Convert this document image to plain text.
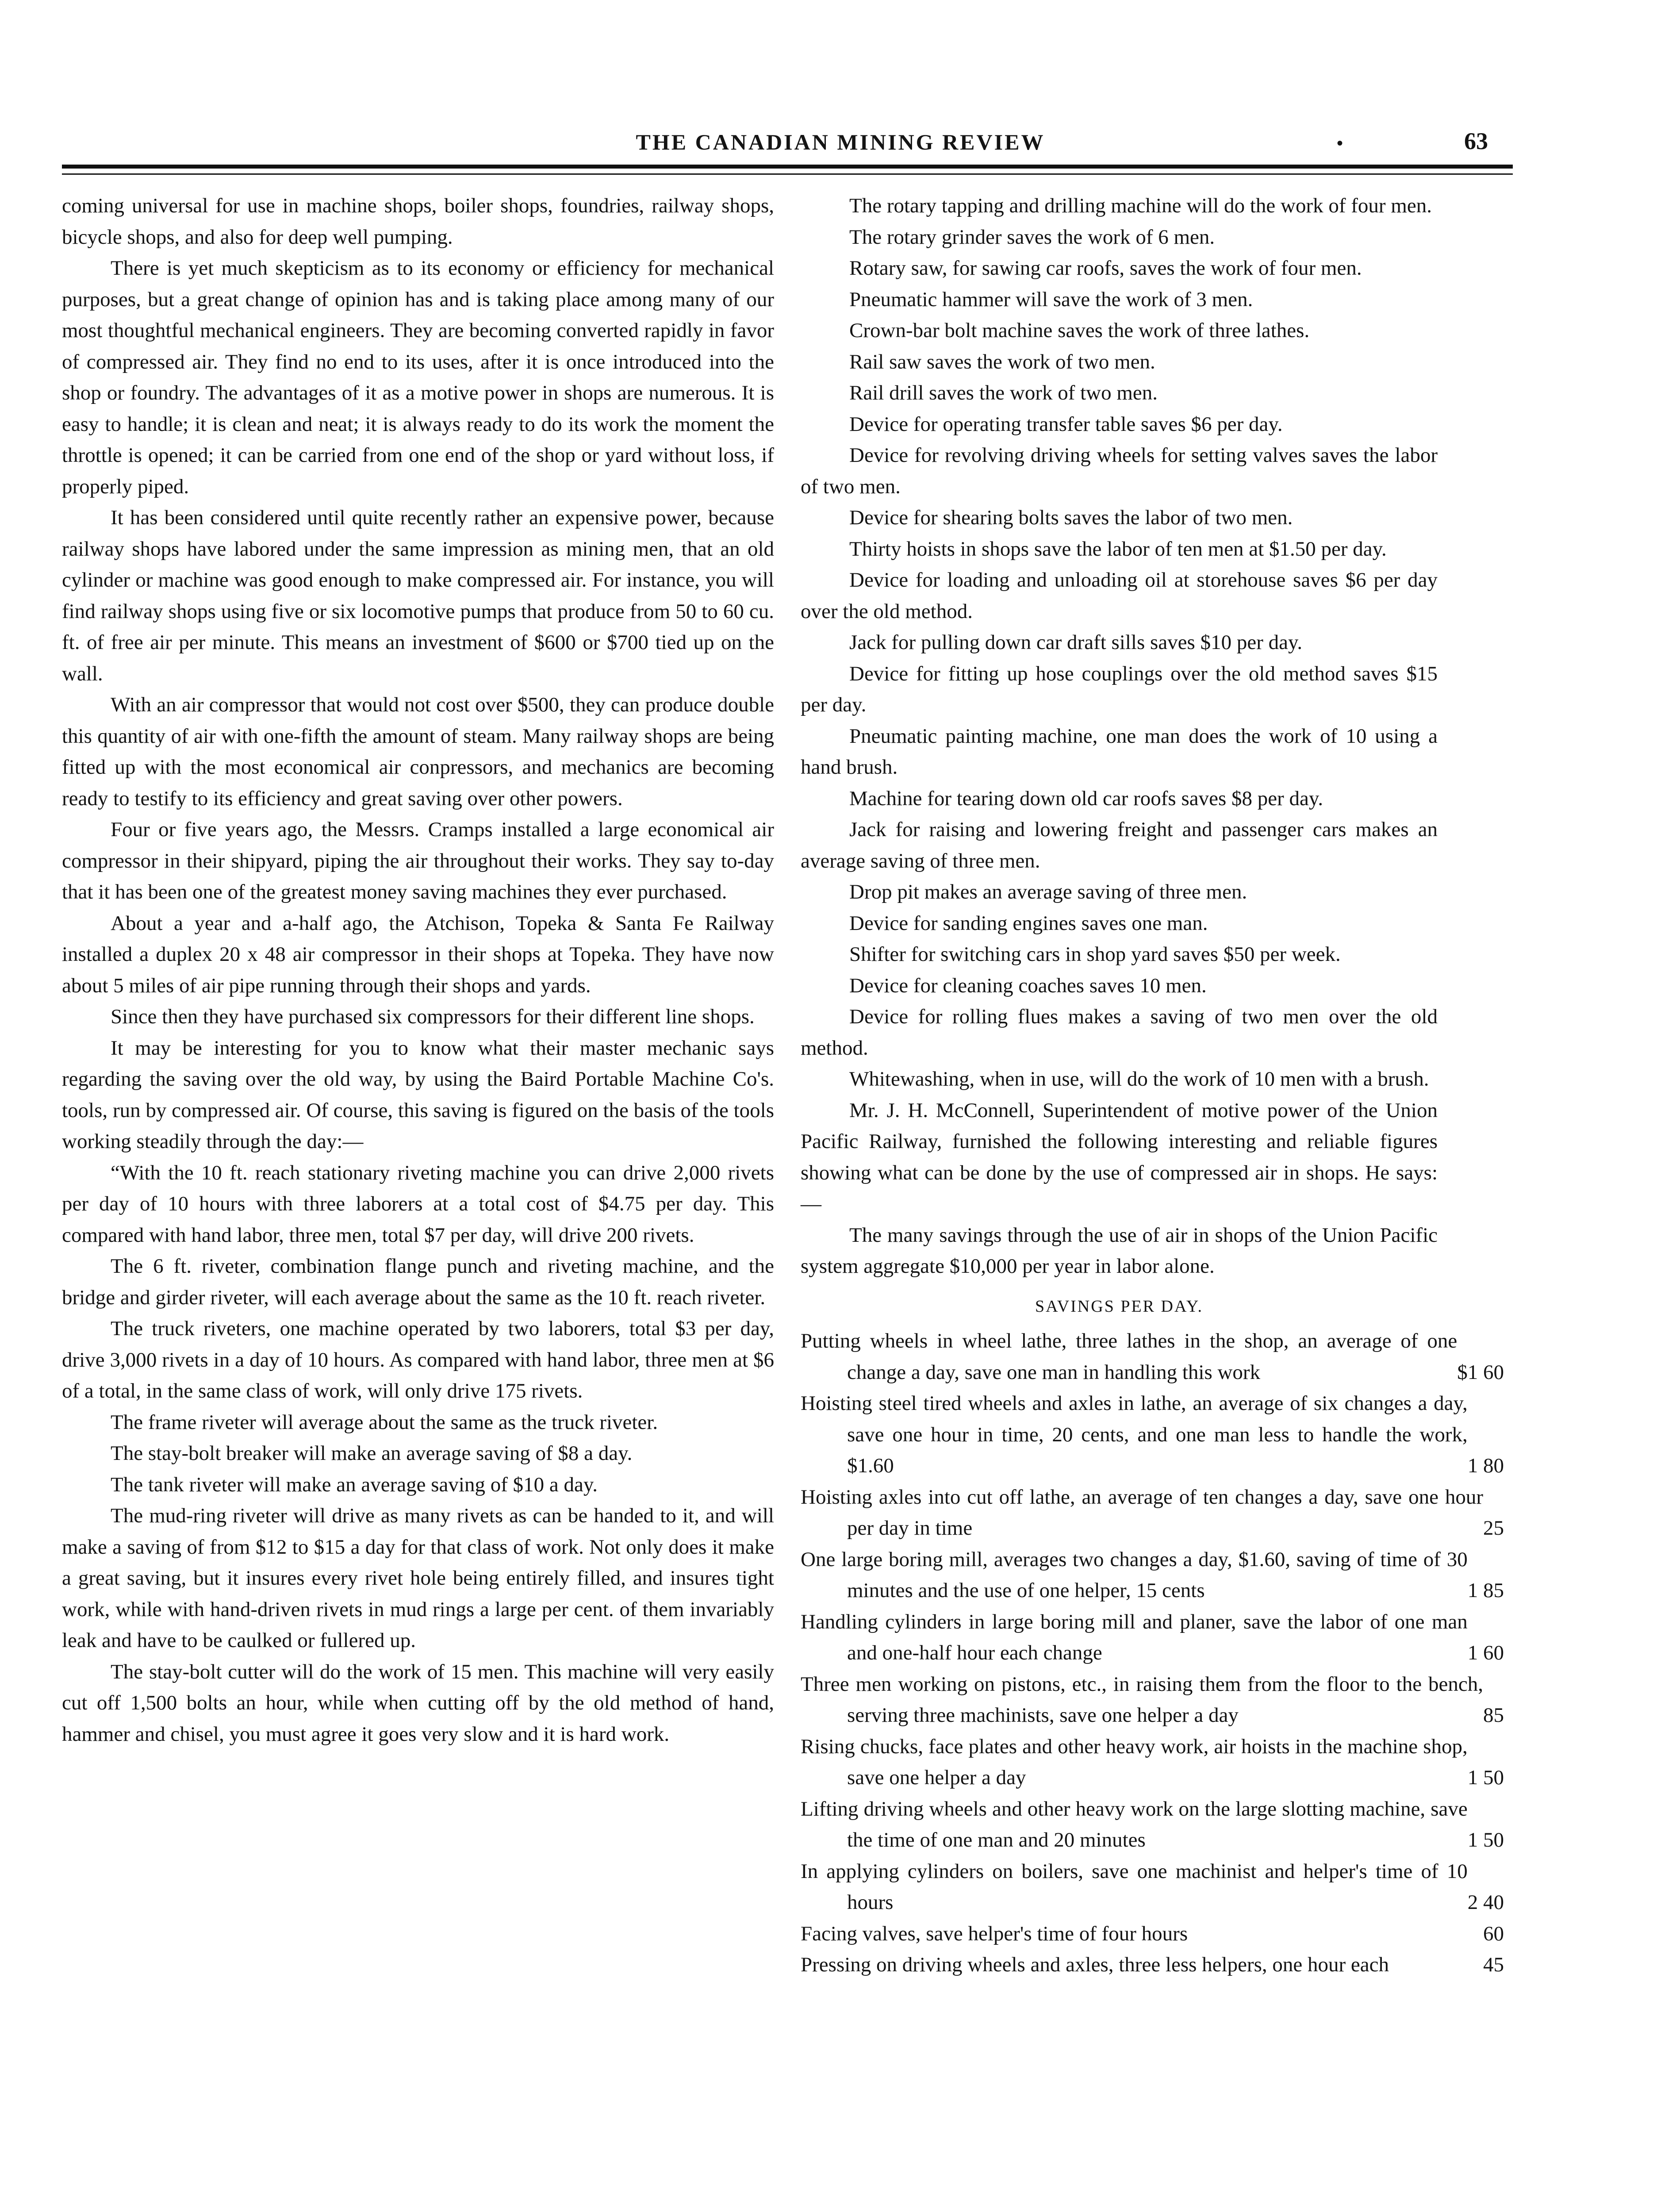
THE CANADIAN MINING REVIEW	•	63

coming universal for use in machine shops, boiler shops, foundries, railway shops, bicycle shops, and also for deep well pumping.

There is yet much skepticism as to its economy or efficiency for mechanical purposes, but a great change of opinion has and is taking place among many of our most thoughtful mechanical engineers. They are becoming converted rapidly in favor of compressed air. They find no end to its uses, after it is once introduced into the shop or foundry. The advantages of it as a motive power in shops are numerous. It is easy to handle; it is clean and neat; it is always ready to do its work the moment the throttle is opened; it can be carried from one end of the shop or yard without loss, if properly piped.

It has been considered until quite recently rather an expensive power, because railway shops have labored under the same impression as mining men, that an old cylinder or machine was good enough to make compressed air. For instance, you will find railway shops using five or six locomotive pumps that produce from 50 to 60 cu. ft. of free air per minute. This means an investment of $600 or $700 tied up on the wall.

With an air compressor that would not cost over $500, they can produce double this quantity of air with one-fifth the amount of steam. Many railway shops are being fitted up with the most economical air conpressors, and mechanics are becoming ready to testify to its efficiency and great saving over other powers.

Four or five years ago, the Messrs. Cramps installed a large economical air compressor in their shipyard, piping the air throughout their works. They say to-day that it has been one of the greatest money saving machines they ever purchased.

About a year and a-half ago, the Atchison, Topeka & Santa Fe Railway installed a duplex 20 x 48 air compressor in their shops at Topeka. They have now about 5 miles of air pipe running through their shops and yards.

Since then they have purchased six compressors for their different line shops.

It may be interesting for you to know what their master mechanic says regarding the saving over the old way, by using the Baird Portable Machine Co's. tools, run by compressed air. Of course, this saving is figured on the basis of the tools working steadily through the day:—

“With the 10 ft. reach stationary riveting machine you can drive 2,000 rivets per day of 10 hours with three laborers at a total cost of $4.75 per day. This compared with hand labor, three men, total $7 per day, will drive 200 rivets.

The 6 ft. riveter, combination flange punch and riveting machine, and the bridge and girder riveter, will each average about the same as the 10 ft. reach riveter.

The truck riveters, one machine operated by two laborers, total $3 per day, drive 3,000 rivets in a day of 10 hours. As compared with hand labor, three men at $6 of a total, in the same class of work, will only drive 175 rivets.

The frame riveter will average about the same as the truck riveter.

The stay-bolt breaker will make an average saving of $8 a day.

The tank riveter will make an average saving of $10 a day.

The mud-ring riveter will drive as many rivets as can be handed to it, and will make a saving of from $12 to $15 a day for that class of work. Not only does it make a great saving, but it insures every rivet hole being entirely filled, and insures tight work, while with hand-driven rivets in mud rings a large per cent. of them invariably leak and have to be caulked or fullered up.

The stay-bolt cutter will do the work of 15 men. This machine will very easily cut off 1,500 bolts an hour, while when cutting off by the old method of hand, hammer and chisel, you must agree it goes very slow and it is hard work.

The rotary tapping and drilling machine will do the work of four men.

The rotary grinder saves the work of 6 men.

Rotary saw, for sawing car roofs, saves the work of four men.

Pneumatic hammer will save the work of 3 men.

Crown-bar bolt machine saves the work of three lathes.

Rail saw saves the work of two men.

Rail drill saves the work of two men.

Device for operating transfer table saves $6 per day.

Device for revolving driving wheels for setting valves saves the labor of two men.

Device for shearing bolts saves the labor of two men.

Thirty hoists in shops save the labor of ten men at $1.50 per day.

Device for loading and unloading oil at storehouse saves $6 per day over the old method.

Jack for pulling down car draft sills saves $10 per day.

Device for fitting up hose couplings over the old method saves $15 per day.

Pneumatic painting machine, one man does the work of 10 using a hand brush.

Machine for tearing down old car roofs saves $8 per day.

Jack for raising and lowering freight and passenger cars makes an average saving of three men.

Drop pit makes an average saving of three men.

Device for sanding engines saves one man.

Shifter for switching cars in shop yard saves $50 per week.

Device for cleaning coaches saves 10 men.

Device for rolling flues makes a saving of two men over the old method.

Whitewashing, when in use, will do the work of 10 men with a brush.

Mr. J. H. McConnell, Superintendent of motive power of the Union Pacific Railway, furnished the following interesting and reliable figures showing what can be done by the use of compressed air in shops. He says:—

The many savings through the use of air in shops of the Union Pacific system aggregate $10,000 per year in labor alone.

SAVINGS PER DAY.
Putting wheels in wheel lathe, three lathes in the shop, an average of one change a day, save one man in handling this work	$1 60
Hoisting steel tired wheels and axles in lathe, an average of six changes a day, save one hour in time, 20 cents, and one man less to handle the work, $1.60	1 80
Hoisting axles into cut off lathe, an average of ten changes a day, save one hour per day in time	25
One large boring mill, averages two changes a day, $1.60, saving of time of 30 minutes and the use of one helper, 15 cents	1 85
Handling cylinders in large boring mill and planer, save the labor of one man and one-half hour each change	1 60
Three men working on pistons, etc., in raising them from the floor to the bench, serving three machinists, save one helper a day	85
Rising chucks, face plates and other heavy work, air hoists in the machine shop, save one helper a day	1 50
Lifting driving wheels and other heavy work on the large slotting machine, save the time of one man and 20 minutes	1 50
In applying cylinders on boilers, save one machinist and helper's time of 10 hours	2 40
Facing valves, save helper's time of four hours	60
Pressing on driving wheels and axles, three less helpers, one hour each	45
